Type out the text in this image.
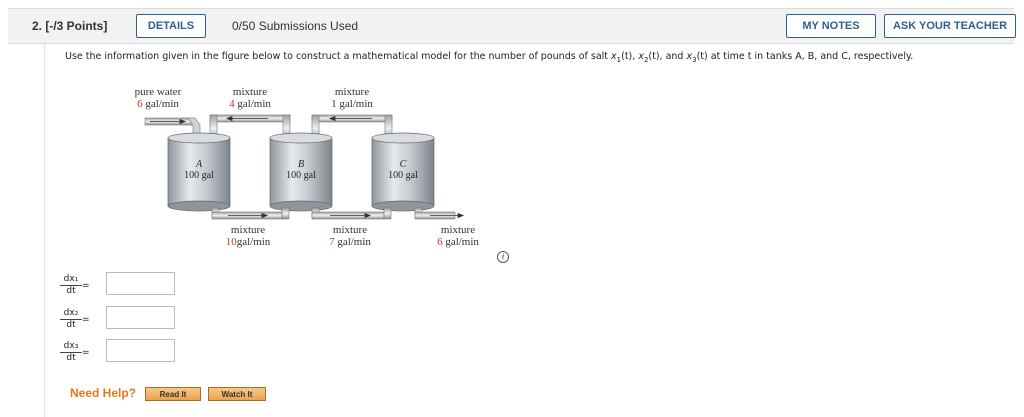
2. [-/3 Points]	DETAILS	0/50 Submissions Used	MY NOTES	ASK YOUR TEACHER
Use the information given in the figure below to construct a mathematical model for the number of pounds of salt $x_1(t)$, $x_2(t)$, and $x_3(t)$ at time t in tanks A, B, and C, respectively.
pure water
6 gal/min
mixture
4 gal/min
mixture
1 gal/min
A
100 gal
B
100 gal
C
100 gal
mixture
10gal/min
mixture
7 gal/min
mixture
6 gal/min
i
$\frac{\text{dx₁}}{dt}$ =
$\frac{\text{dx₂}}{dt}$ =
$\frac{\text{dx₃}}{dt}$ =
Need Help?	Read It	Watch It
